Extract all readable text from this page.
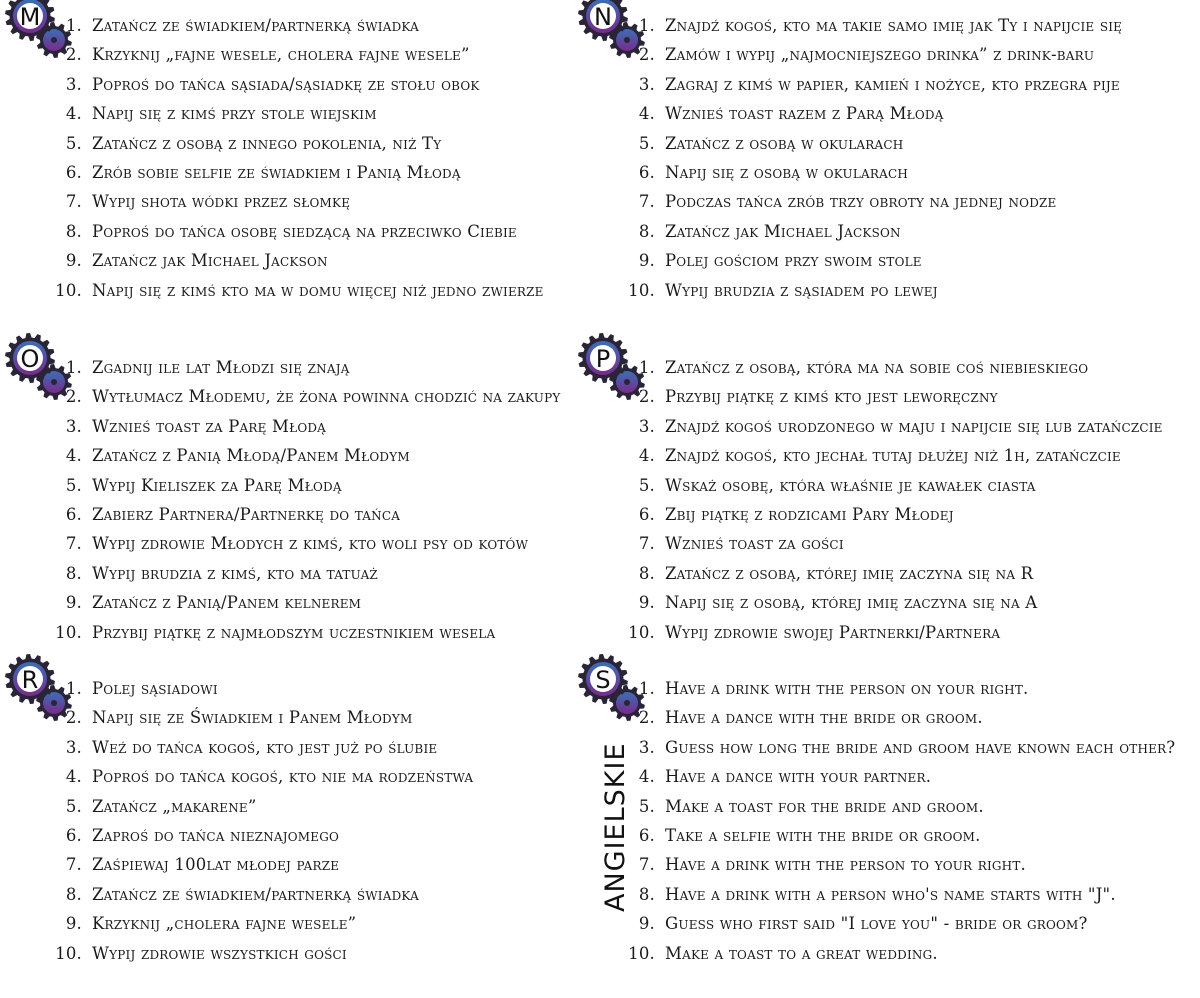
M	1. Zatańcz ze świadkiem/partnerką świadka
2. Krzyknij „fajne wesele, cholera fajne wesele”
3. Poproś do tańca sąsiada/sąsiadkę ze stołu obok
4. Napij się z kimś przy stole wiejskim
5. Zatańcz z osobą z innego pokolenia, niż Ty
6. Zrób sobie selfie ze świadkiem i Panią Młodą
7. Wypij shota wódki przez słomkę
8. Poproś do tańca osobę siedzącą na przeciwko Ciebie
9. Zatańcz jak Michael Jackson
10. Napij się z kimś kto ma w domu więcej niż jedno zwierze
N	1. Znajdź kogoś, kto ma takie samo imię jak Ty i napijcie się
2. Zamów i wypij „najmocniejszego drinka” z drink-baru
3. Zagraj z kimś w papier, kamień i nożyce, kto przegra pije
4. Wznieś toast razem z Parą Młodą
5. Zatańcz z osobą w okularach
6. Napij się z osobą w okularach
7. Podczas tańca zrób trzy obroty na jednej nodze
8. Zatańcz jak Michael Jackson
9. Polej gościom przy swoim stole
10. Wypij brudzia z sąsiadem po lewej
O	1. Zgadnij ile lat Młodzi się znają
2. Wytłumacz Młodemu, że żona powinna chodzić na zakupy
3. Wznieś toast za Parę Młodą
4. Zatańcz z Panią Młodą/Panem Młodym
5. Wypij Kieliszek za Parę Młodą
6. Zabierz Partnera/Partnerkę do tańca
7. Wypij zdrowie Młodych z kimś, kto woli psy od kotów
8. Wypij brudzia z kimś, kto ma tatuaż
9. Zatańcz z Panią/Panem kelnerem
10. Przybij piątkę z najmłodszym uczestnikiem wesela
P	1. Zatańcz z osobą, która ma na sobie coś niebieskiego
2. Przybij piątkę z kimś kto jest leworęczny
3. Znajdź kogoś urodzonego w maju i napijcie się lub zatańczcie
4. Znajdź kogoś, kto jechał tutaj dłużej niż 1h, zatańczcie
5. Wskaż osobę, która właśnie je kawałek ciasta
6. Zbij piątkę z rodzicami Pary Młodej
7. Wznieś toast za gości
8. Zatańcz z osobą, której imię zaczyna się na R
9. Napij się z osobą, której imię zaczyna się na A
10. Wypij zdrowie swojej Partnerki/Partnera
R	1. Polej sąsiadowi
2. Napij się ze Świadkiem i Panem Młodym
3. Weź do tańca kogoś, kto jest już po ślubie
4. Poproś do tańca kogoś, kto nie ma rodzeństwa
5. Zatańcz „makarene”
6. Zaproś do tańca nieznajomego
7. Zaśpiewaj 100lat młodej parze
8. Zatańcz ze świadkiem/partnerką świadka
9. Krzyknij „cholera fajne wesele”
10. Wypij zdrowie wszystkich gości
S	1. Have a drink with the person on your right.
2. Have a dance with the bride or groom.
3. Guess how long the bride and groom have known each other?
4. Have a dance with your partner.
5. Make a toast for the bride and groom.
6. Take a selfie with the bride or groom.
7. Have a drink with the person to your right.
8. Have a drink with a person who's name starts with "J".
9. Guess who first said "I love you" - bride or groom?
10. Make a toast to a great wedding.
ANGIELSKIE
